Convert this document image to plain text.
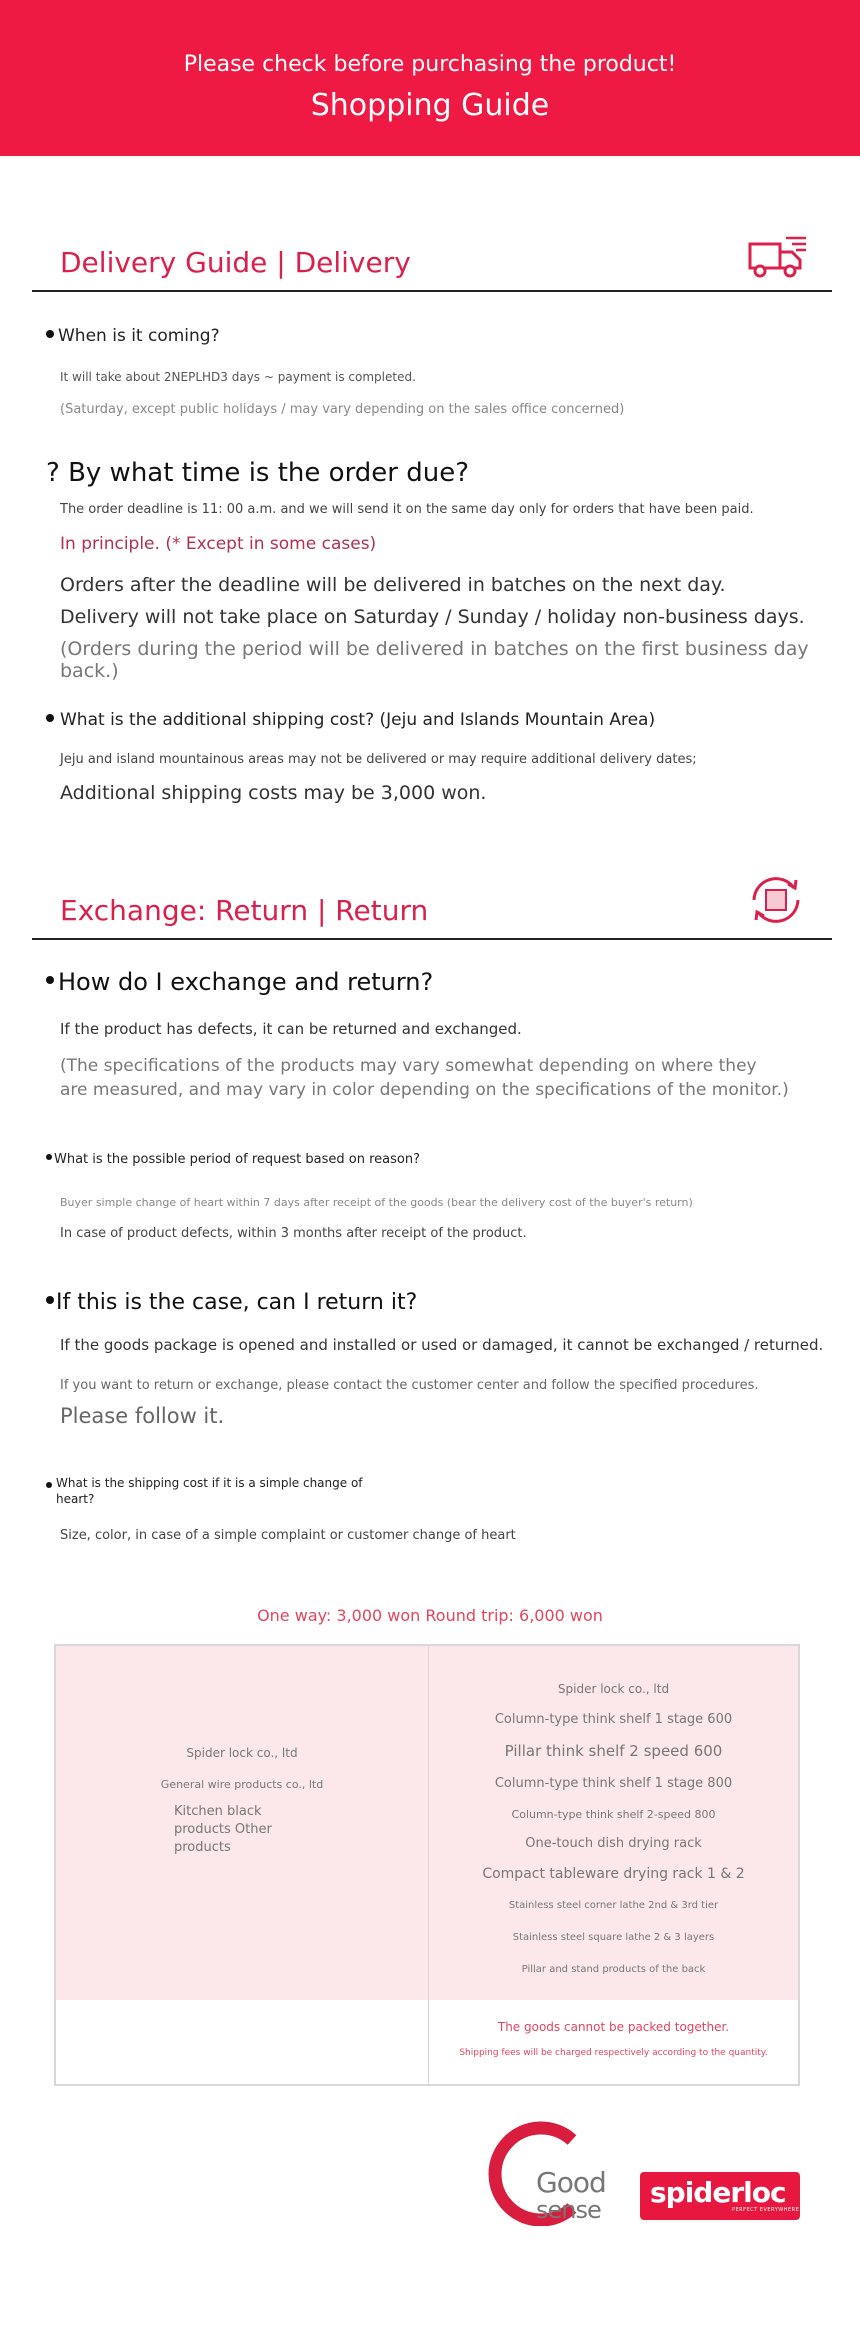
Please check before purchasing the product!
Shopping Guide
Delivery Guide | Delivery
When is it coming?
It will take about 2NEPLHD3 days ~ payment is completed.
(Saturday, except public holidays / may vary depending on the sales office concerned)
? By what time is the order due?
The order deadline is 11: 00 a.m. and we will send it on the same day only for orders that have been paid.
In principle. (* Except in some cases)
Orders after the deadline will be delivered in batches on the next day.
Delivery will not take place on Saturday / Sunday / holiday non-business days.
(Orders during the period will be delivered in batches on the first business day back.)
What is the additional shipping cost? (Jeju and Islands Mountain Area)
Jeju and island mountainous areas may not be delivered or may require additional delivery dates;
Additional shipping costs may be 3,000 won.
Exchange: Return | Return
How do I exchange and return?
If the product has defects, it can be returned and exchanged.
(The specifications of the products may vary somewhat depending on where they
are measured, and may vary in color depending on the specifications of the monitor.)
What is the possible period of request based on reason?
Buyer simple change of heart within 7 days after receipt of the goods (bear the delivery cost of the buyer's return)
In case of product defects, within 3 months after receipt of the product.
If this is the case, can I return it?
If the goods package is opened and installed or used or damaged, it cannot be exchanged / returned.
If you want to return or exchange, please contact the customer center and follow the specified procedures.
Please follow it.
What is the shipping cost if it is a simple change of
heart?
Size, color, in case of a simple complaint or customer change of heart
One way: 3,000 won Round trip: 6,000 won
Spider lock co., ltd
General wire products co., ltd
Kitchen black
products Other
products
Spider lock co., ltd
Column-type think shelf 1 stage 600
Pillar think shelf 2 speed 600
Column-type think shelf 1 stage 800
Column-type think shelf 2-speed 800
One-touch dish drying rack
Compact tableware drying rack 1 & 2
Stainless steel corner lathe 2nd & 3rd tier
Stainless steel square lathe 2 & 3 layers
Pillar and stand products of the back
The goods cannot be packed together.
Shipping fees will be charged respectively according to the quantity.
Good
sense
spiderloc
PERFECT EVERYWHERE
